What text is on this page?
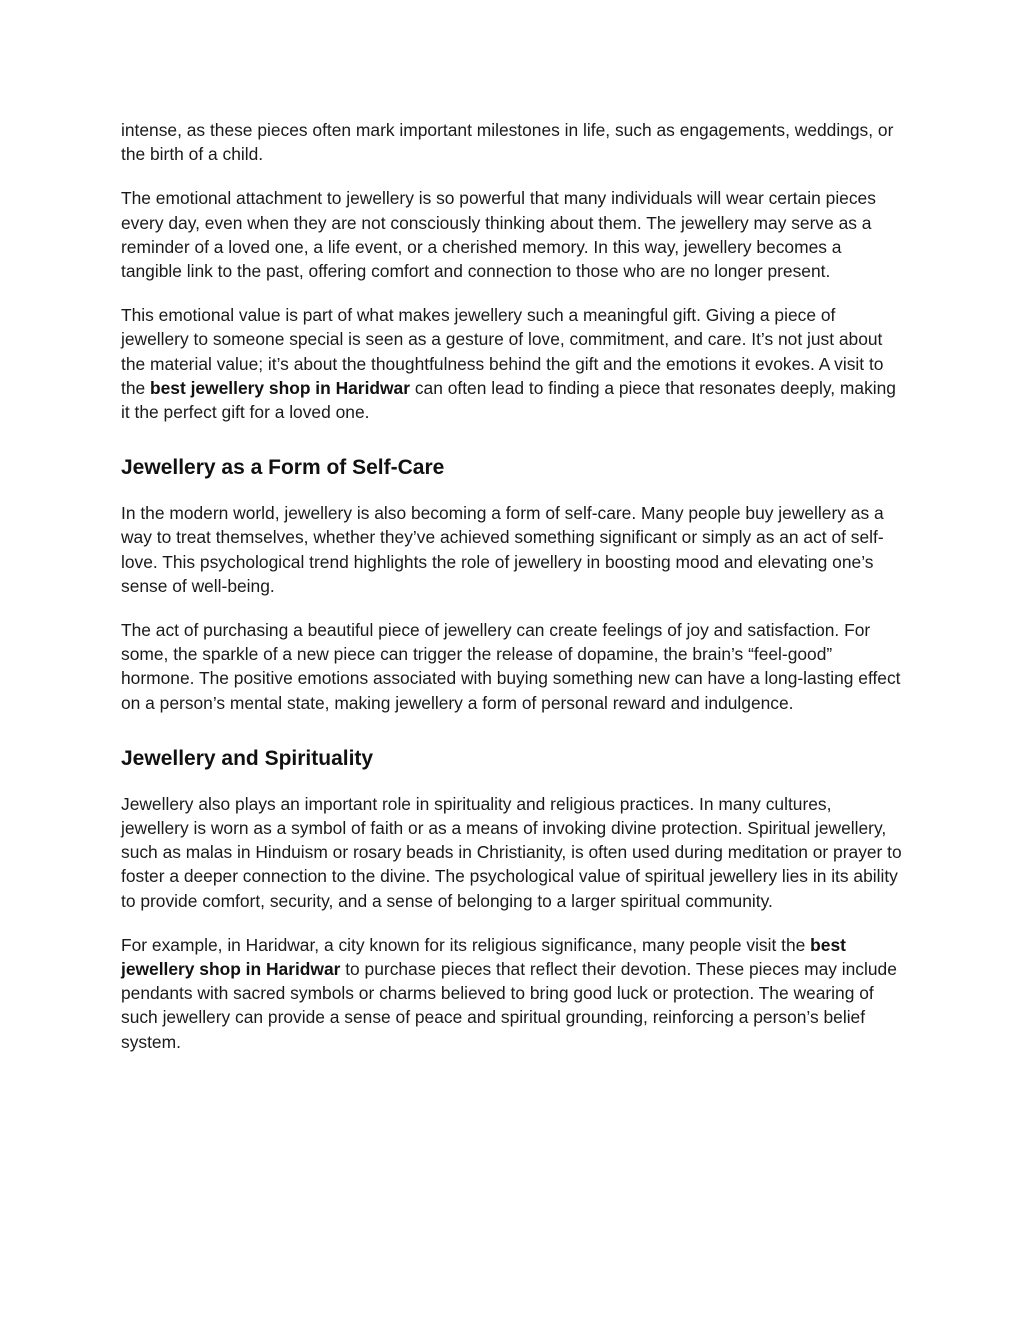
intense, as these pieces often mark important milestones in life, such as engagements, weddings, or the birth of a child.

The emotional attachment to jewellery is so powerful that many individuals will wear certain pieces every day, even when they are not consciously thinking about them. The jewellery may serve as a reminder of a loved one, a life event, or a cherished memory. In this way, jewellery becomes a tangible link to the past, offering comfort and connection to those who are no longer present.

This emotional value is part of what makes jewellery such a meaningful gift. Giving a piece of jewellery to someone special is seen as a gesture of love, commitment, and care. It’s not just about the material value; it’s about the thoughtfulness behind the gift and the emotions it evokes. A visit to the best jewellery shop in Haridwar can often lead to finding a piece that resonates deeply, making it the perfect gift for a loved one.

Jewellery as a Form of Self-Care

In the modern world, jewellery is also becoming a form of self-care. Many people buy jewellery as a way to treat themselves, whether they’ve achieved something significant or simply as an act of self-love. This psychological trend highlights the role of jewellery in boosting mood and elevating one’s sense of well-being.

The act of purchasing a beautiful piece of jewellery can create feelings of joy and satisfaction. For some, the sparkle of a new piece can trigger the release of dopamine, the brain’s “feel-good” hormone. The positive emotions associated with buying something new can have a long-lasting effect on a person’s mental state, making jewellery a form of personal reward and indulgence.

Jewellery and Spirituality

Jewellery also plays an important role in spirituality and religious practices. In many cultures, jewellery is worn as a symbol of faith or as a means of invoking divine protection. Spiritual jewellery, such as malas in Hinduism or rosary beads in Christianity, is often used during meditation or prayer to foster a deeper connection to the divine. The psychological value of spiritual jewellery lies in its ability to provide comfort, security, and a sense of belonging to a larger spiritual community.

For example, in Haridwar, a city known for its religious significance, many people visit the best jewellery shop in Haridwar to purchase pieces that reflect their devotion. These pieces may include pendants with sacred symbols or charms believed to bring good luck or protection. The wearing of such jewellery can provide a sense of peace and spiritual grounding, reinforcing a person’s belief system.
